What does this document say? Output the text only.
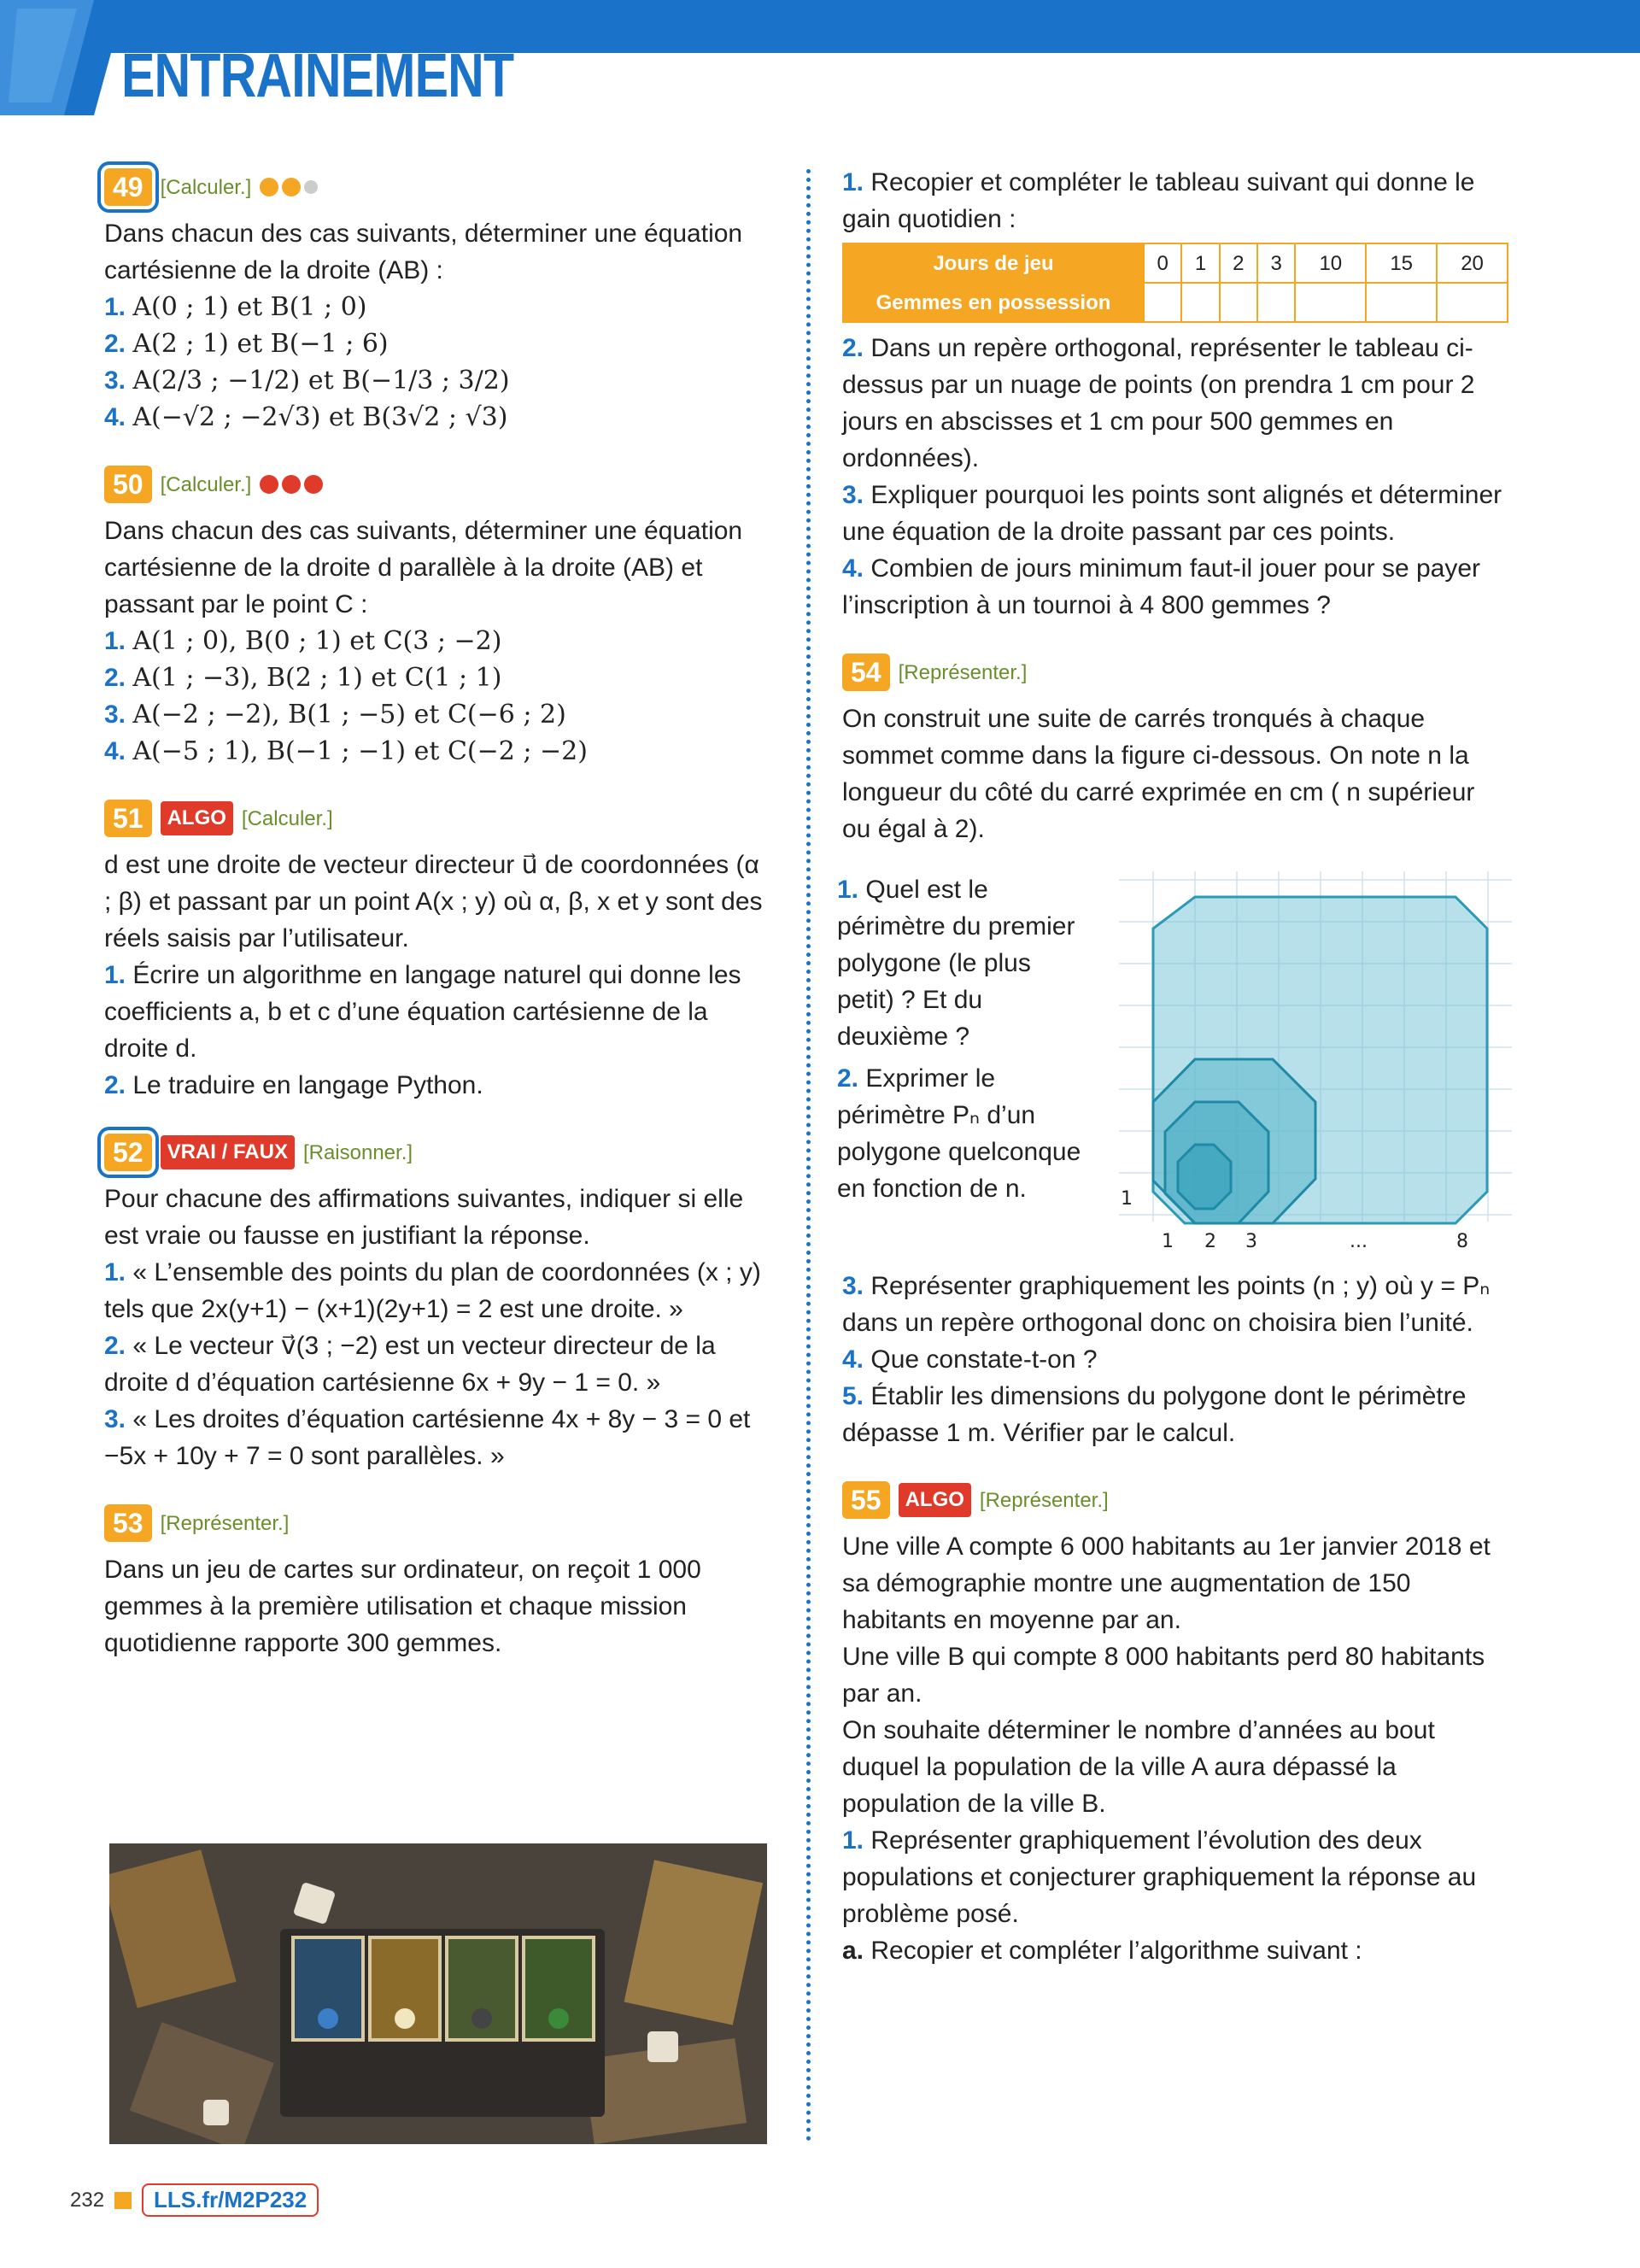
ENTRAÎNEMENT
49 [Calculer.]

Dans chacun des cas suivants, déterminer une équation cartésienne de la droite (AB) :

1. A(0 ; 1) et B(1 ; 0)

2. A(2 ; 1) et B(−1 ; 6)

3. A(2/3 ; −1/2) et B(−1/3 ; 3/2)

4. A(−√2 ; −2√3) et B(3√2 ; √3)

50 [Calculer.]

Dans chacun des cas suivants, déterminer une équation cartésienne de la droite d parallèle à la droite (AB) et passant par le point C :

1. A(1 ; 0), B(0 ; 1) et C(3 ; −2)

2. A(1 ; −3), B(2 ; 1) et C(1 ; 1)

3. A(−2 ; −2), B(1 ; −5) et C(−6 ; 2)

4. A(−5 ; 1), B(−1 ; −1) et C(−2 ; −2)

51	ALGO [Calculer.]

d est une droite de vecteur directeur u⃗ de coordonnées (α ; β) et passant par un point A(x ; y) où α, β, x et y sont des réels saisis par l’utilisateur.

1. Écrire un algorithme en langage naturel qui donne les coefficients a, b et c d’une équation cartésienne de la droite d.

2. Le traduire en langage Python.

52	VRAI / FAUX [Raisonner.]

Pour chacune des affirmations suivantes, indiquer si elle est vraie ou fausse en justifiant la réponse.

1. « L’ensemble des points du plan de coordonnées (x ; y) tels que 2x(y+1) − (x+1)(2y+1) = 2 est une droite. »

2. « Le vecteur v⃗(3 ; −2) est un vecteur directeur de la droite d d’équation cartésienne 6x + 9y − 1 = 0. »

3. « Les droites d’équation cartésienne 4x + 8y − 3 = 0 et −5x + 10y + 7 = 0 sont parallèles. »

53 [Représenter.]

Dans un jeu de cartes sur ordinateur, on reçoit 1 000 gemmes à la première utilisation et chaque mission quotidienne rapporte 300 gemmes.

1. Recopier et compléter le tableau suivant qui donne le gain quotidien :

Jours de jeu	0	1	2	3	10	15	20
Gemmes en possession							

2. Dans un repère orthogonal, représenter le tableau ci-dessus par un nuage de points (on prendra 1 cm pour 2 jours en abscisses et 1 cm pour 500 gemmes en ordonnées).

3. Expliquer pourquoi les points sont alignés et déterminer une équation de la droite passant par ces points.

4. Combien de jours minimum faut-il jouer pour se payer l’inscription à un tournoi à 4 800 gemmes ?

54 [Représenter.]

On construit une suite de carrés tronqués à chaque sommet comme dans la figure ci-dessous. On note n la longueur du côté du carré exprimée en cm ( n supérieur ou égal à 2).

1. Quel est le périmètre du premier polygone (le plus petit) ? Et du deuxième ?

2. Exprimer le périmètre Pₙ d’un polygone quelconque en fonction de n.	1
1 2 3	...	8

3. Représenter graphiquement les points (n ; y) où y = Pₙ dans un repère orthogonal donc on choisira bien l’unité.

4. Que constate-t-on ?

5. Établir les dimensions du polygone dont le périmètre dépasse 1 m. Vérifier par le calcul.

55	ALGO [Représenter.]

Une ville A compte 6 000 habitants au 1er janvier 2018 et sa démographie montre une augmentation de 150 habitants en moyenne par an.

Une ville B qui compte 8 000 habitants perd 80 habitants par an.

On souhaite déterminer le nombre d’années au bout duquel la population de la ville A aura dépassé la population de la ville B.

1. Représenter graphiquement l’évolution des deux populations et conjecturer graphiquement la réponse au problème posé.

a. Recopier et compléter l’algorithme suivant :

232	LLS.fr/M2P232
